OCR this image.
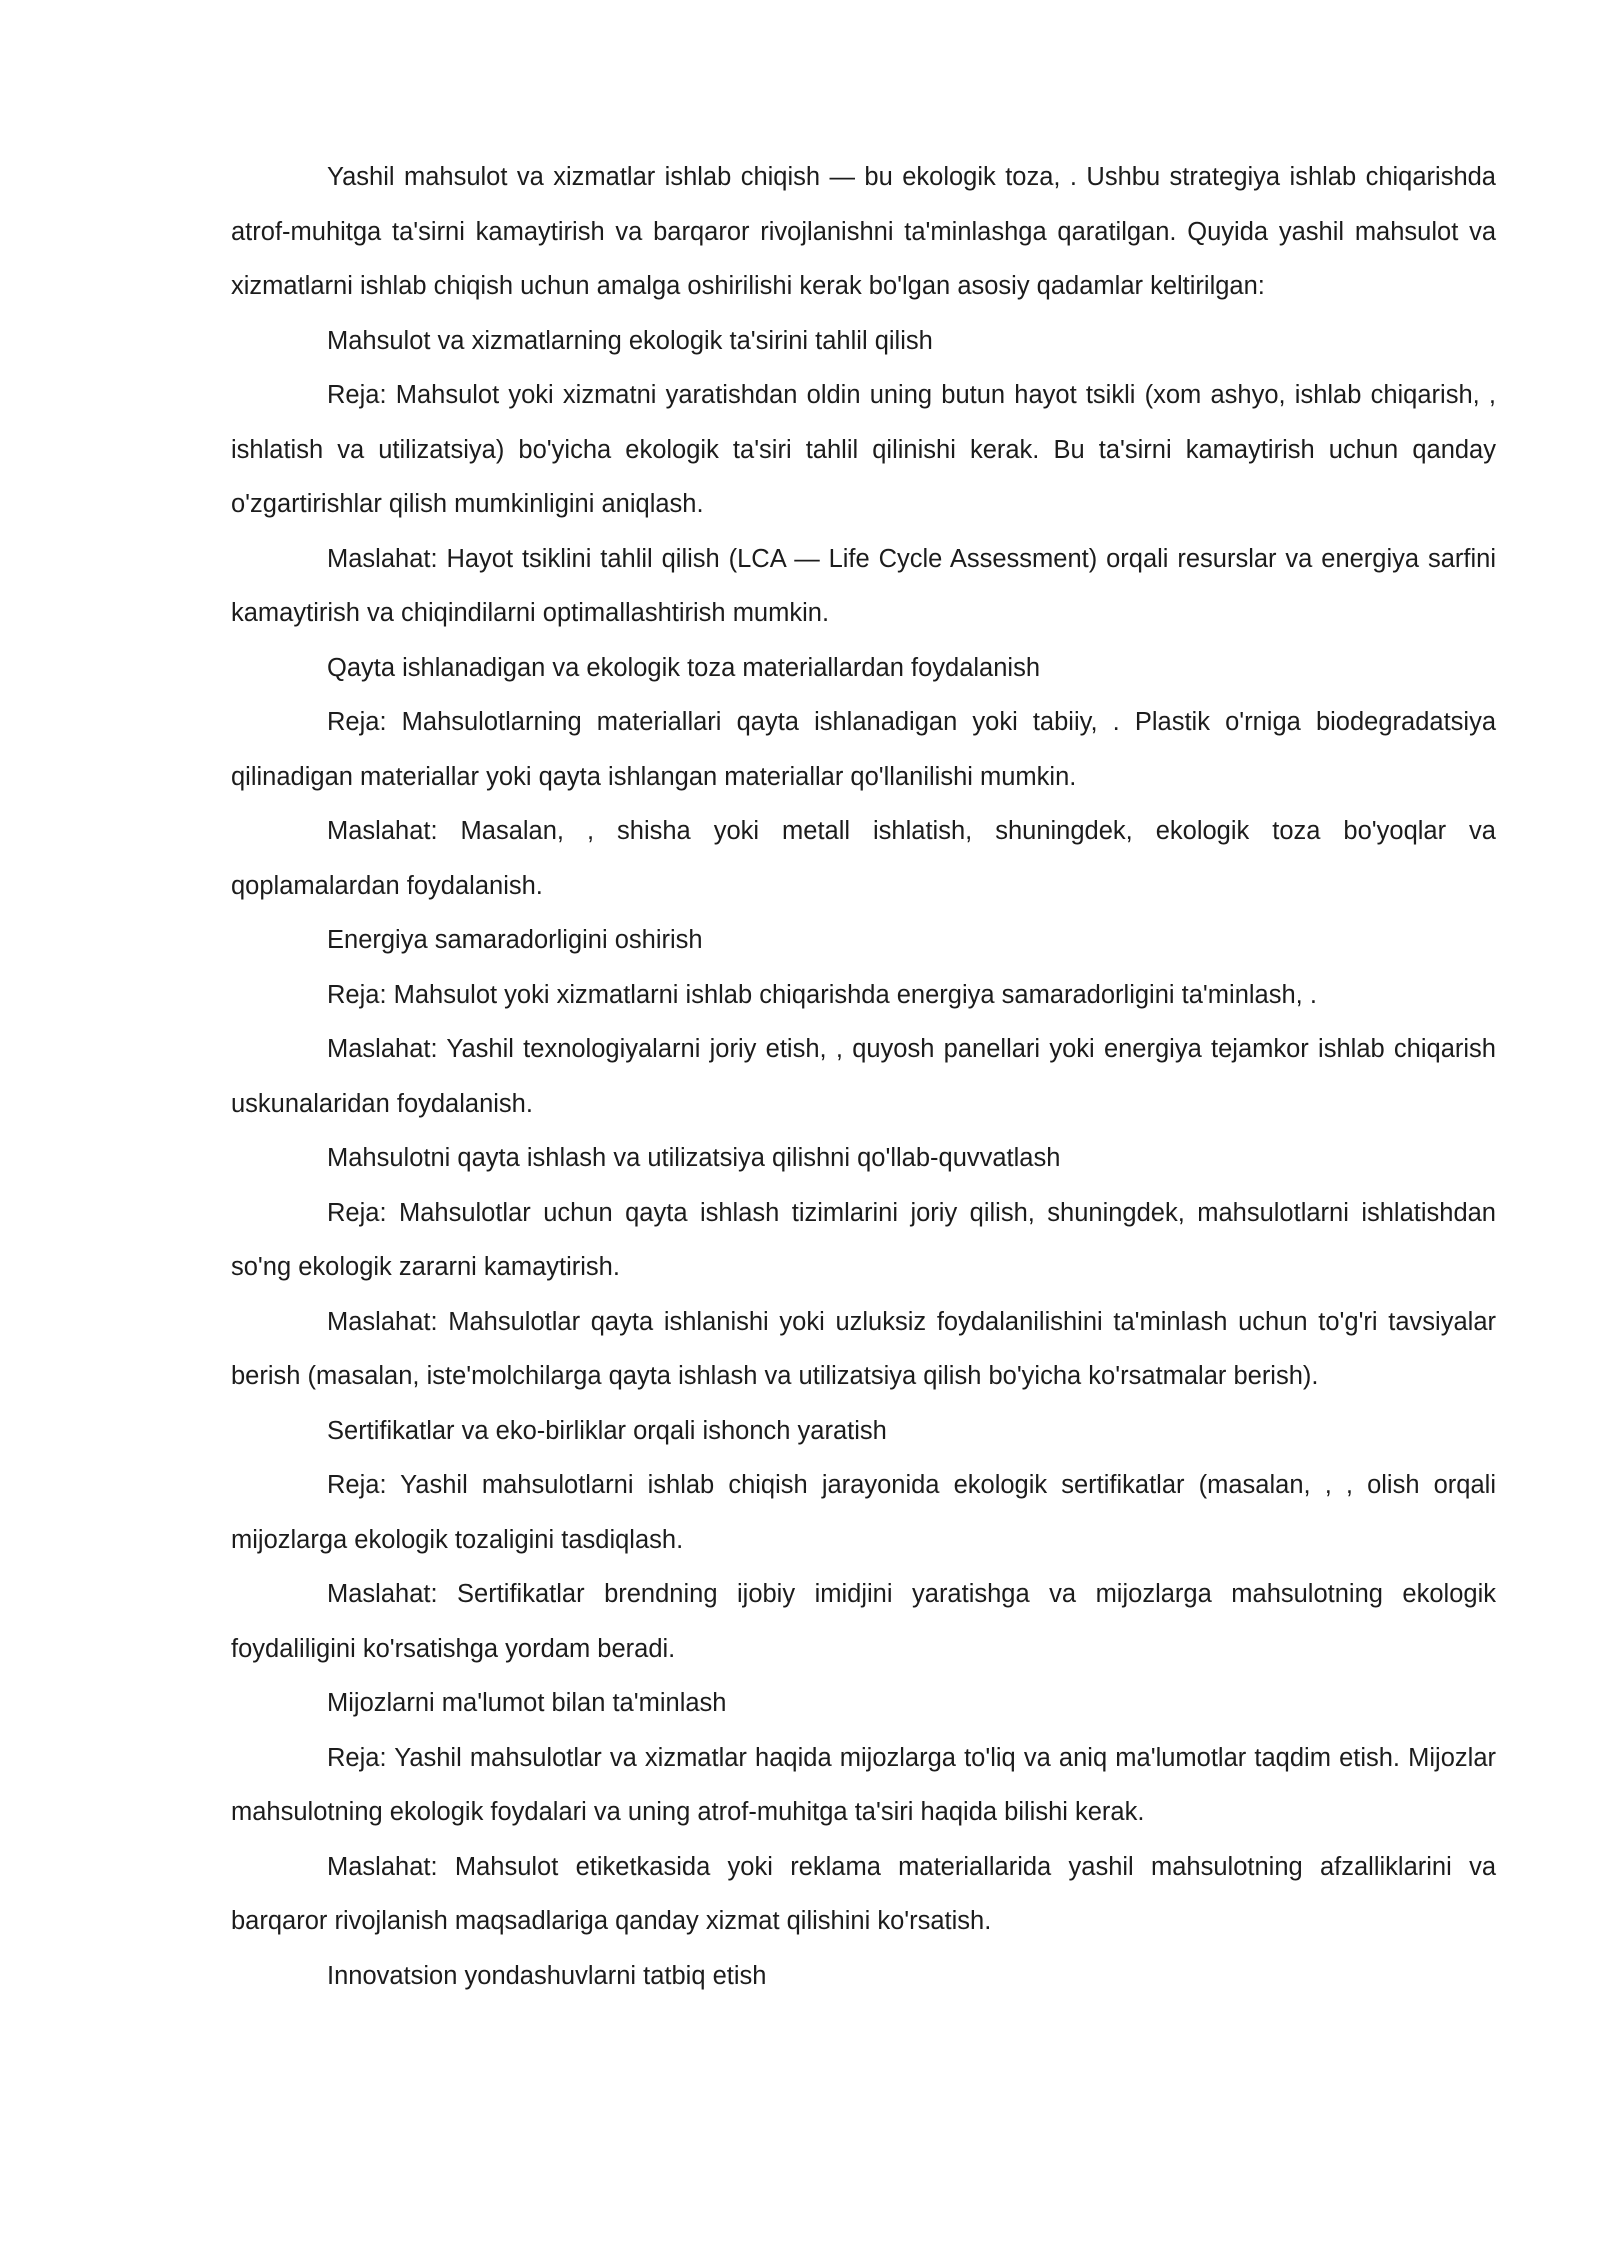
Yashil mahsulot va xizmatlar ishlab chiqish — bu ekologik toza, . Ushbu strategiya ishlab chiqarishda atrof-muhitga ta'sirni kamaytirish va barqaror rivojlanishni ta'minlashga qaratilgan. Quyida yashil mahsulot va xizmatlarni ishlab chiqish uchun amalga oshirilishi kerak bo'lgan asosiy qadamlar keltirilgan:

Mahsulot va xizmatlarning ekologik ta'sirini tahlil qilish

Reja: Mahsulot yoki xizmatni yaratishdan oldin uning butun hayot tsikli (xom ashyo, ishlab chiqarish, , ishlatish va utilizatsiya) bo'yicha ekologik ta'siri tahlil qilinishi kerak. Bu ta'sirni kamaytirish uchun qanday o'zgartirishlar qilish mumkinligini aniqlash.

Maslahat: Hayot tsiklini tahlil qilish (LCA — Life Cycle Assessment) orqali resurslar va energiya sarfini kamaytirish va chiqindilarni optimallashtirish mumkin.

Qayta ishlanadigan va ekologik toza materiallardan foydalanish

Reja: Mahsulotlarning materiallari qayta ishlanadigan yoki tabiiy, . Plastik o'rniga biodegradatsiya qilinadigan materiallar yoki qayta ishlangan materiallar qo'llanilishi mumkin.

Maslahat: Masalan, , shisha yoki metall ishlatish, shuningdek, ekologik toza bo'yoqlar va qoplamalardan foydalanish.

Energiya samaradorligini oshirish

Reja: Mahsulot yoki xizmatlarni ishlab chiqarishda energiya samaradorligini ta'minlash, .

Maslahat: Yashil texnologiyalarni joriy etish, , quyosh panellari yoki energiya tejamkor ishlab chiqarish uskunalaridan foydalanish.

Mahsulotni qayta ishlash va utilizatsiya qilishni qo'llab-quvvatlash

Reja: Mahsulotlar uchun qayta ishlash tizimlarini joriy qilish, shuningdek, mahsulotlarni ishlatishdan so'ng ekologik zararni kamaytirish.

Maslahat: Mahsulotlar qayta ishlanishi yoki uzluksiz foydalanilishini ta'minlash uchun to'g'ri tavsiyalar berish (masalan, iste'molchilarga qayta ishlash va utilizatsiya qilish bo'yicha ko'rsatmalar berish).

Sertifikatlar va eko-birliklar orqali ishonch yaratish

Reja: Yashil mahsulotlarni ishlab chiqish jarayonida ekologik sertifikatlar (masalan, , , olish orqali mijozlarga ekologik tozaligini tasdiqlash.

Maslahat: Sertifikatlar brendning ijobiy imidjini yaratishga va mijozlarga mahsulotning ekologik foydaliligini ko'rsatishga yordam beradi.

Mijozlarni ma'lumot bilan ta'minlash

Reja: Yashil mahsulotlar va xizmatlar haqida mijozlarga to'liq va aniq ma'lumotlar taqdim etish. Mijozlar mahsulotning ekologik foydalari va uning atrof-muhitga ta'siri haqida bilishi kerak.

Maslahat: Mahsulot etiketkasida yoki reklama materiallarida yashil mahsulotning afzalliklarini va barqaror rivojlanish maqsadlariga qanday xizmat qilishini ko'rsatish.

Innovatsion yondashuvlarni tatbiq etish
